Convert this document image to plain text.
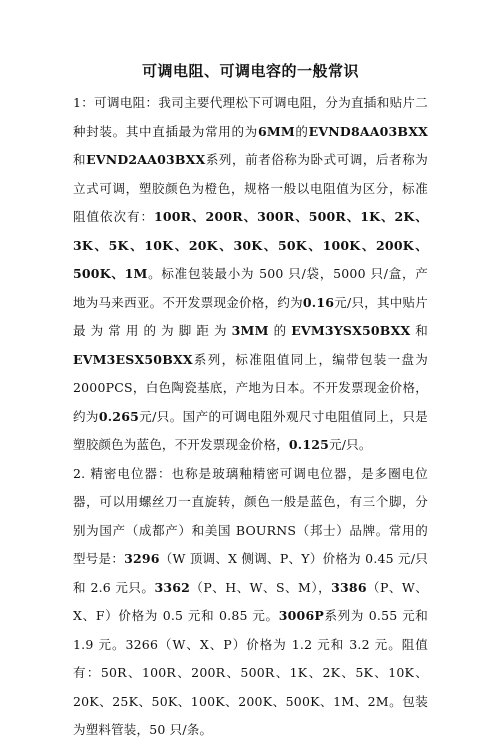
可调电阻、可调电容的一般常识

1：可调电阻：我司主要代理松下可调电阻，分为直插和贴片二种封装。其中直插最为常用的为6MM的EVND8AA03BXX和EVND2AA03BXX系列，前者俗称为卧式可调，后者称为立式可调，塑胶颜色为橙色，规格一般以电阻值为区分，标准阻值依次有：100R、200R、300R、500R、1K、2K、3K、5K、10K、20K、30K、50K、100K、200K、500K、1M。标准包装最小为 500 只/袋，5000 只/盒，产地为马来西亚。不开发票现金价格，约为0.16元/只，其中贴片最为常用的为脚距为3MM的EVM3YSX50BXX和EVM3ESX50BXX系列，标准阻值同上，编带包装一盘为 2000PCS，白色陶瓷基底，产地为日本。不开发票现金价格，约为0.265元/只。国产的可调电阻外观尺寸电阻值同上，只是塑胶颜色为蓝色，不开发票现金价格，0.125元/只。

2. 精密电位器：也称是玻璃釉精密可调电位器，是多圈电位器，可以用螺丝刀一直旋转，颜色一般是蓝色，有三个脚，分别为国产（成都产）和美国 BOURNS（邦士）品牌。常用的型号是：3296（W 顶调、X 侧调、P、Y）价格为 0.45 元/只和 2.6 元只。3362（P、H、W、S、M），3386（P、W、X、F）价格为 0.5 元和 0.85 元。3006P系列为 0.55 元和 1.9 元。3266（W、X、P）价格为 1.2 元和 3.2 元。阻值有：50R、100R、200R、500R、1K、2K、5K、10K、20K、25K、50K、100K、200K、500K、1M、2M。包装为塑料管装，50 只/条。
